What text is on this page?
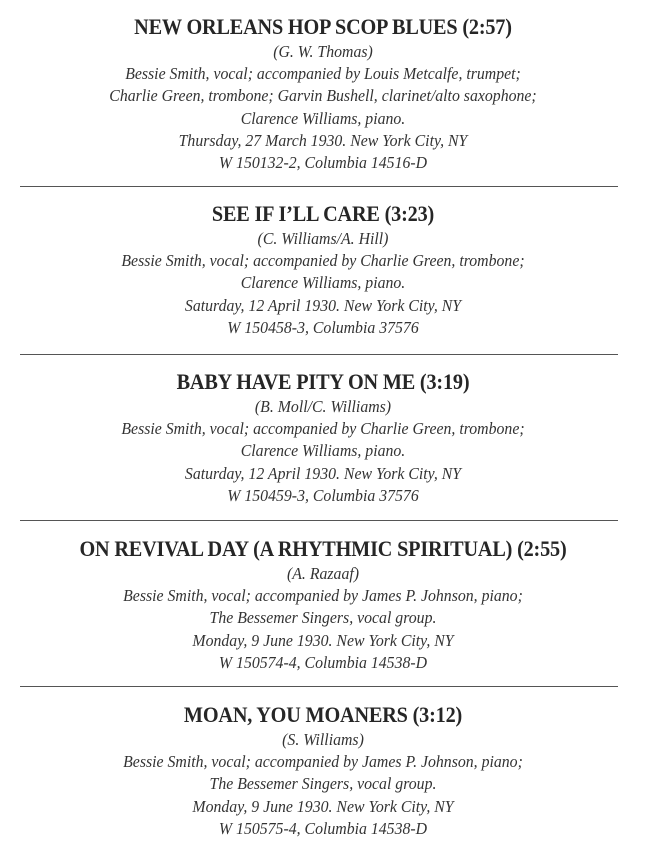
NEW ORLEANS HOP SCOP BLUES (2:57)
(G. W. Thomas)
Bessie Smith, vocal; accompanied by Louis Metcalfe, trumpet;
Charlie Green, trombone; Garvin Bushell, clarinet/alto saxophone;
Clarence Williams, piano.
Thursday, 27 March 1930. New York City, NY
W 150132-2, Columbia 14516-D
SEE IF I’LL CARE (3:23)
(C. Williams/A. Hill)
Bessie Smith, vocal; accompanied by Charlie Green, trombone;
Clarence Williams, piano.
Saturday, 12 April 1930. New York City, NY
W 150458-3, Columbia 37576
BABY HAVE PITY ON ME (3:19)
(B. Moll/C. Williams)
Bessie Smith, vocal; accompanied by Charlie Green, trombone;
Clarence Williams, piano.
Saturday, 12 April 1930. New York City, NY
W 150459-3, Columbia 37576
ON REVIVAL DAY (A RHYTHMIC SPIRITUAL) (2:55)
(A. Razaaf)
Bessie Smith, vocal; accompanied by James P. Johnson, piano;
The Bessemer Singers, vocal group.
Monday, 9 June 1930. New York City, NY
W 150574-4, Columbia 14538-D
MOAN, YOU MOANERS (3:12)
(S. Williams)
Bessie Smith, vocal; accompanied by James P. Johnson, piano;
The Bessemer Singers, vocal group.
Monday, 9 June 1930. New York City, NY
W 150575-4, Columbia 14538-D
